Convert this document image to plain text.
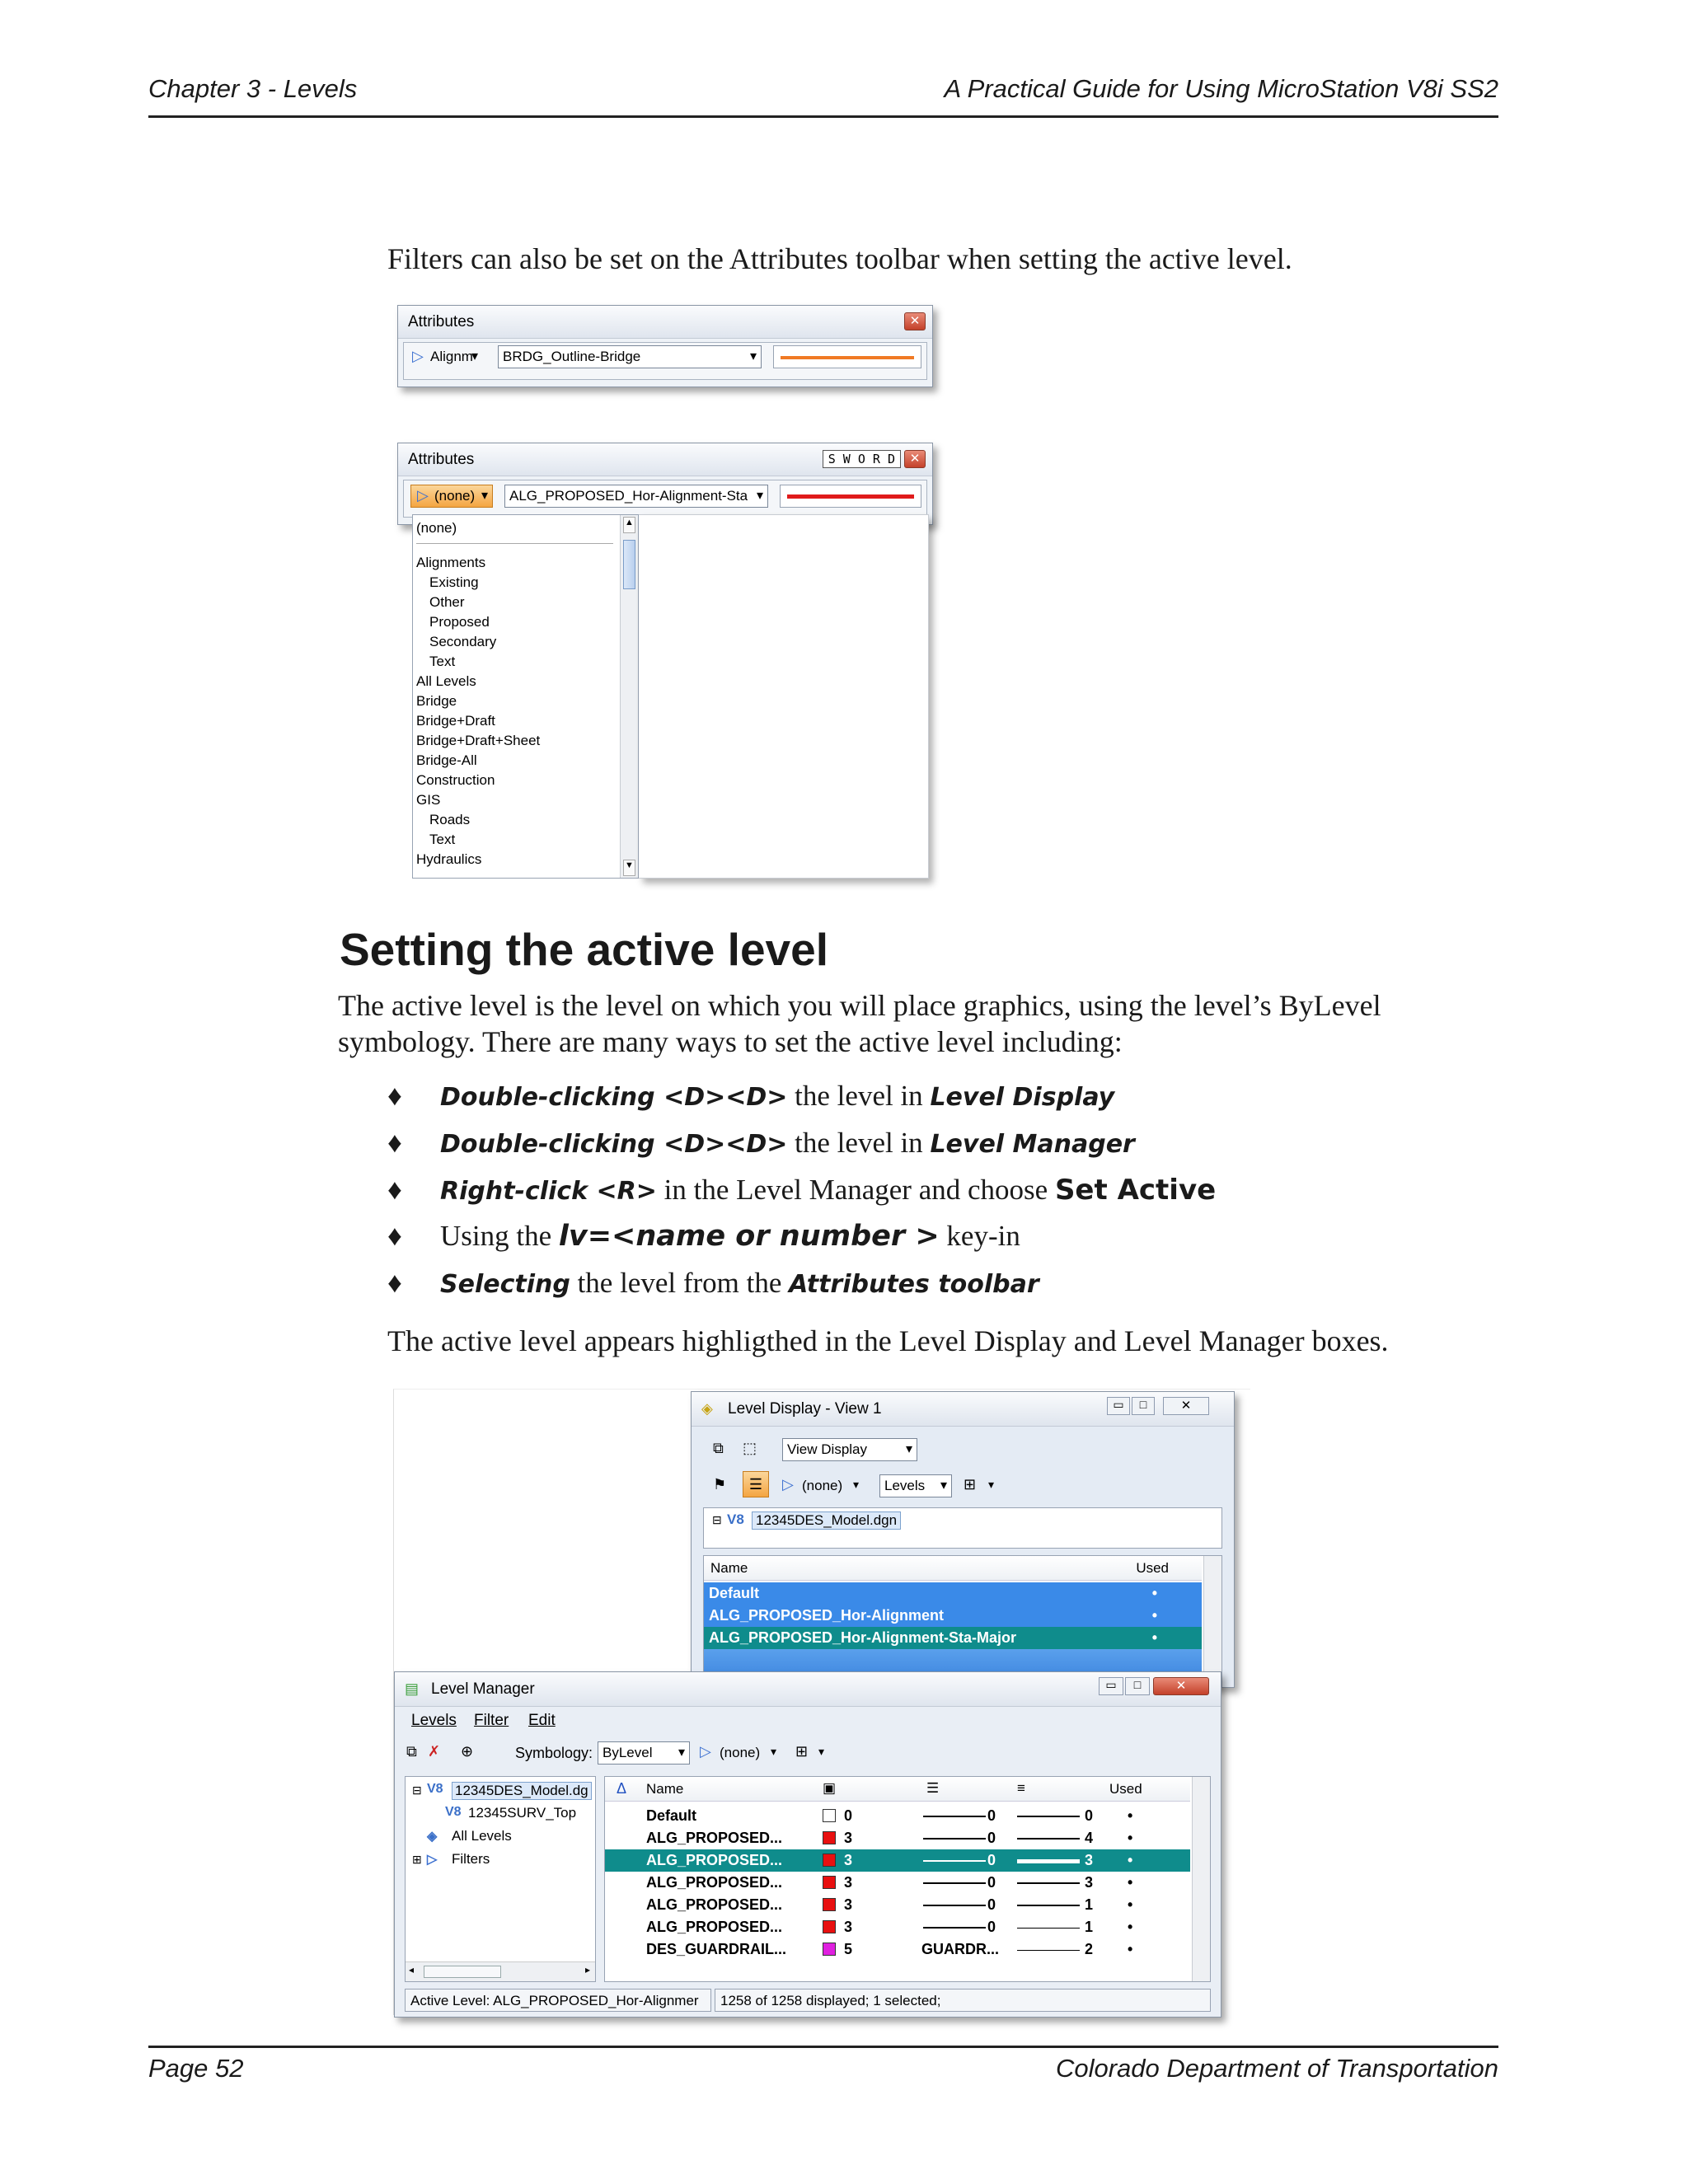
Chapter 3 - Levels	A Practical Guide for Using MicroStation V8i SS2
Filters can also be set on the Attributes toolbar when setting the active level.
Attributes	✕
▷ Alignm ▾	BRDG_Outline-Bridge ▾
Attributes	S W O R D	✕
(none) ▾
▷	ALG_PROPOSED_Hor-Alignment-Sta ▾
▲
▼
(none)
Alignments
Existing
Other
Proposed
Secondary
Text
All Levels
Bridge
Bridge+Draft
Bridge+Draft+Sheet
Bridge-All
Construction
GIS
Roads
Text
Hydraulics
Setting the active level
The active level is the level on which you will place graphics, using the level’s ByLevel
symbology. There are many ways to set the active level including:
♦ Double-clicking <D><D> the level in Level Display
♦ Double-clicking <D><D> the level in Level Manager
♦ Right-click <R> in the Level Manager and choose Set Active
♦ Using the lv=<name or number > key-in
♦ Selecting the level from the Attributes toolbar
The active level appears highligthed in the Level Display and Level Manager boxes.
◈ Level Display - View 1	▭	□	✕
⧉ ⬚	View Display ▾
⚑	☰	▷ (none) ▾	Levels ▾	⊞ ▾
⊟ V8 12345DES_Model.dgn
Name	Used
Default	•
ALG_PROPOSED_Hor-Alignment	•
ALG_PROPOSED_Hor-Alignment-Sta-Major	•
▤ Level Manager	▭	□	✕
Levels Filter Edit
⧉ ✗ ⊕	Symbology: ByLevel ▾	▷ (none) ▾ ⊞ ▾
◂	▸
⊟ V8 12345DES_Model.dg
V8 12345SURV_Top
◈ All Levels
⊞ ▷ Filters
Δ Name	▣	☰	≡	Used
Default	0	0	0 •
ALG_PROPOSED...	3	0	4 •
ALG_PROPOSED...	3	0	3 •
ALG_PROPOSED...	3	0	3 •
ALG_PROPOSED...	3	0	1 •
ALG_PROPOSED...	3	0	1 •
DES_GUARDRAIL...	5	GUARDR...	2 •
Active Level: ALG_PROPOSED_Hor-Alignmer 1258 of 1258 displayed; 1 selected;
Page 52	Colorado Department of Transportation
